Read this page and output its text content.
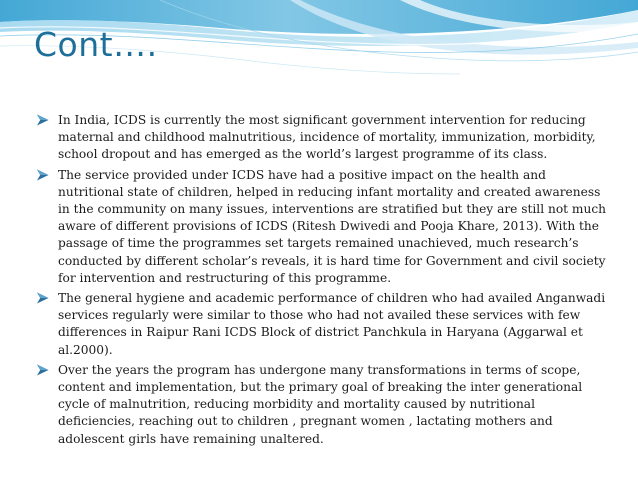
Cont….
In India, ICDS is currently the most significant government intervention for reducing maternal and childhood malnutritious, incidence of mortality, immunization, morbidity, school dropout and has emerged as the world’s largest programme of its class.
The service provided under ICDS have had a positive impact on the health and nutritional state of children, helped in reducing infant mortality and created awareness in the community on many issues, interventions are stratified but they are still not much aware of different provisions of ICDS (Ritesh Dwivedi and Pooja Khare, 2013). With the passage of time the programmes set targets remained unachieved, much research’s conducted by different scholar’s reveals, it is hard time for Government and civil society for intervention and restructuring of this programme.
The general hygiene and academic performance of children who had availed Anganwadi services regularly were similar to those who had not availed these services with few differences in Raipur Rani ICDS Block of district Panchkula in Haryana (Aggarwal et al.2000).
Over the years the program has undergone many transformations in terms of scope, content and implementation, but the primary goal of breaking the inter generational cycle of malnutrition, reducing morbidity and mortality caused by nutritional deficiencies, reaching out to children , pregnant women , lactating mothers and adolescent girls have remaining unaltered.
